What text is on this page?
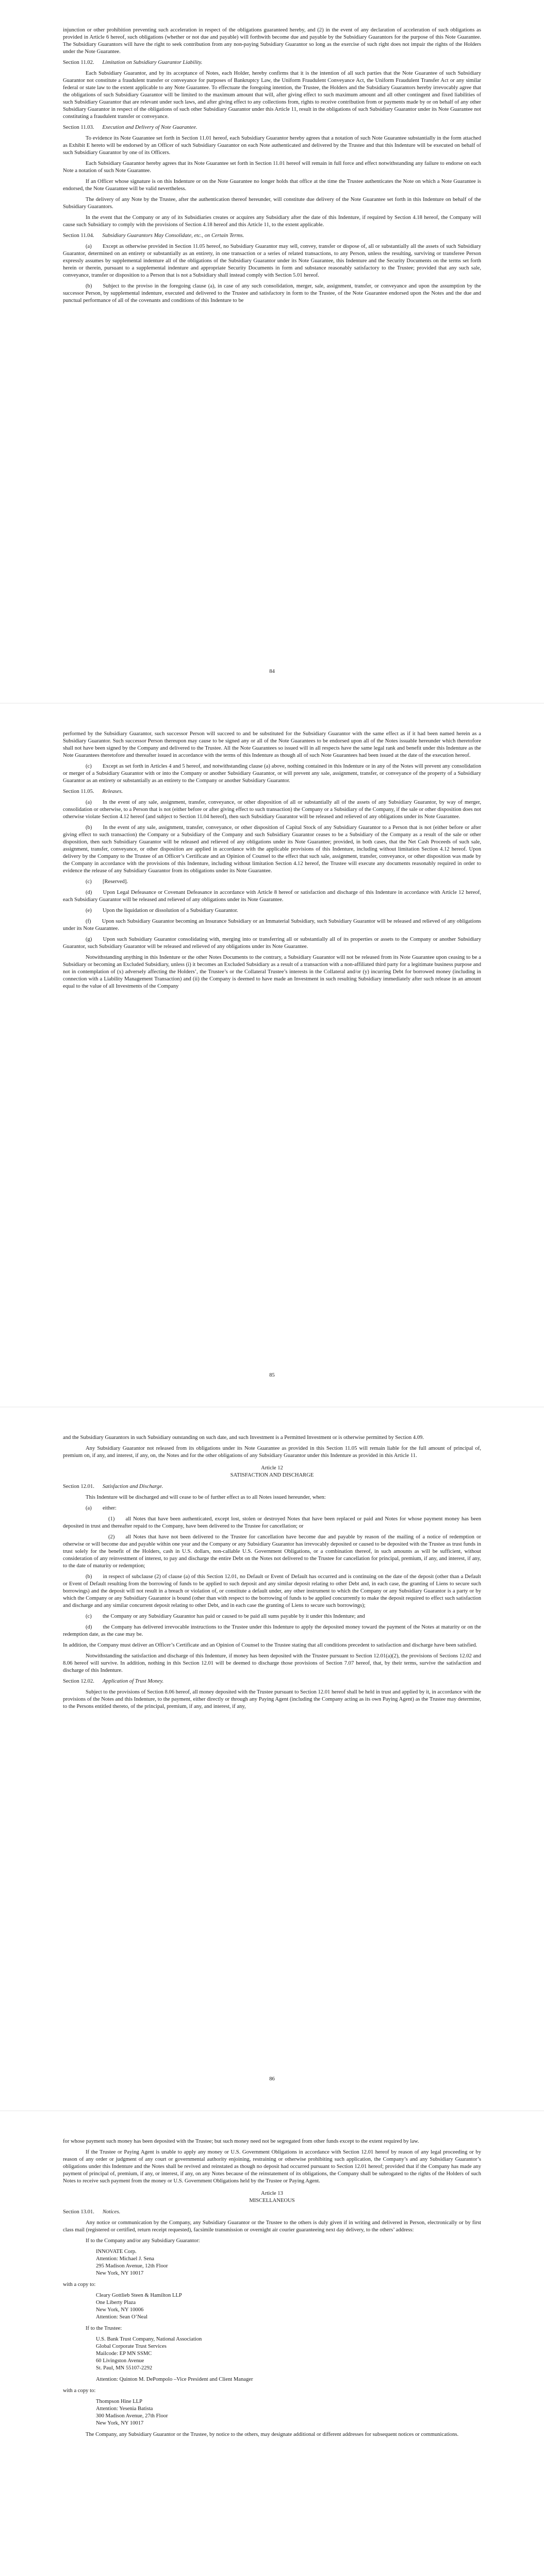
injunction or other prohibition preventing such acceleration in respect of the obligations guaranteed hereby, and (2) in the event of any declaration of acceleration of such obligations as provided in Article 6 hereof, such obligations (whether or not due and payable) will forthwith become due and payable by the Subsidiary Guarantors for the purpose of this Note Guarantee. The Subsidiary Guarantors will have the right to seek contribution from any non-paying Subsidiary Guarantor so long as the exercise of such right does not impair the rights of the Holders under the Note Guarantee.

Section 11.02.   Limitation on Subsidiary Guarantor Liability.

Each Subsidiary Guarantor, and by its acceptance of Notes, each Holder, hereby confirms that it is the intention of all such parties that the Note Guarantee of such Subsidiary Guarantor not constitute a fraudulent transfer or conveyance for purposes of Bankruptcy Law, the Uniform Fraudulent Conveyance Act, the Uniform Fraudulent Transfer Act or any similar federal or state law to the extent applicable to any Note Guarantee. To effectuate the foregoing intention, the Trustee, the Holders and the Subsidiary Guarantors hereby irrevocably agree that the obligations of such Subsidiary Guarantor will be limited to the maximum amount that will, after giving effect to such maximum amount and all other contingent and fixed liabilities of such Subsidiary Guarantor that are relevant under such laws, and after giving effect to any collections from, rights to receive contribution from or payments made by or on behalf of any other Subsidiary Guarantor in respect of the obligations of such other Subsidiary Guarantor under this Article 11, result in the obligations of such Subsidiary Guarantor under its Note Guarantee not constituting a fraudulent transfer or conveyance.

Section 11.03.   Execution and Delivery of Note Guarantee.

To evidence its Note Guarantee set forth in Section 11.01 hereof, each Subsidiary Guarantor hereby agrees that a notation of such Note Guarantee substantially in the form attached as Exhibit E hereto will be endorsed by an Officer of such Subsidiary Guarantor on each Note authenticated and delivered by the Trustee and that this Indenture will be executed on behalf of such Subsidiary Guarantor by one of its Officers.

Each Subsidiary Guarantor hereby agrees that its Note Guarantee set forth in Section 11.01 hereof will remain in full force and effect notwithstanding any failure to endorse on each Note a notation of such Note Guarantee.

If an Officer whose signature is on this Indenture or on the Note Guarantee no longer holds that office at the time the Trustee authenticates the Note on which a Note Guarantee is endorsed, the Note Guarantee will be valid nevertheless.

The delivery of any Note by the Trustee, after the authentication thereof hereunder, will constitute due delivery of the Note Guarantee set forth in this Indenture on behalf of the Subsidiary Guarantors.

In the event that the Company or any of its Subsidiaries creates or acquires any Subsidiary after the date of this Indenture, if required by Section 4.18 hereof, the Company will cause such Subsidiary to comply with the provisions of Section 4.18 hereof and this Article 11, to the extent applicable.

Section 11.04.   Subsidiary Guarantors May Consolidate, etc., on Certain Terms.

(a)  Except as otherwise provided in Section 11.05 hereof, no Subsidiary Guarantor may sell, convey, transfer or dispose of, all or substantially all the assets of such Subsidiary Guarantor, determined on an entirety or substantially as an entirety, in one transaction or a series of related transactions, to any Person, unless the resulting, surviving or transferee Person expressly assumes by supplemental indenture all of the obligations of the Subsidiary Guarantor under its Note Guarantee, this Indenture and the Security Documents on the terms set forth herein or therein, pursuant to a supplemental indenture and appropriate Security Documents in form and substance reasonably satisfactory to the Trustee; provided that any such sale, conveyance, transfer or disposition to a Person that is not a Subsidiary shall instead comply with Section 5.01 hereof.

(b)  Subject to the proviso in the foregoing clause (a), in case of any such consolidation, merger, sale, assignment, transfer, or conveyance and upon the assumption by the successor Person, by supplemental indenture, executed and delivered to the Trustee and satisfactory in form to the Trustee, of the Note Guarantee endorsed upon the Notes and the due and punctual performance of all of the covenants and conditions of this Indenture to be

84

performed by the Subsidiary Guarantor, such successor Person will succeed to and be substituted for the Subsidiary Guarantor with the same effect as if it had been named herein as a Subsidiary Guarantor. Such successor Person thereupon may cause to be signed any or all of the Note Guarantees to be endorsed upon all of the Notes issuable hereunder which theretofore shall not have been signed by the Company and delivered to the Trustee. All the Note Guarantees so issued will in all respects have the same legal rank and benefit under this Indenture as the Note Guarantees theretofore and thereafter issued in accordance with the terms of this Indenture as though all of such Note Guarantees had been issued at the date of the execution hereof.

(c)  Except as set forth in Articles 4 and 5 hereof, and notwithstanding clause (a) above, nothing contained in this Indenture or in any of the Notes will prevent any consolidation or merger of a Subsidiary Guarantor with or into the Company or another Subsidiary Guarantor, or will prevent any sale, assignment, transfer, or conveyance of the property of a Subsidiary Guarantor as an entirety or substantially as an entirety to the Company or another Subsidiary Guarantor.

Section 11.05.   Releases.

(a)  In the event of any sale, assignment, transfer, conveyance, or other disposition of all or substantially all of the assets of any Subsidiary Guarantor, by way of merger, consolidation or otherwise, to a Person that is not (either before or after giving effect to such transaction) the Company or a Subsidiary of the Company, if the sale or other disposition does not otherwise violate Section 4.12 hereof (and subject to Section 11.04 hereof), then such Subsidiary Guarantor will be released and relieved of any obligations under its Note Guarantee.

(b)  In the event of any sale, assignment, transfer, conveyance, or other disposition of Capital Stock of any Subsidiary Guarantor to a Person that is not (either before or after giving effect to such transaction) the Company or a Subsidiary of the Company and such Subsidiary Guarantor ceases to be a Subsidiary of the Company as a result of the sale or other disposition, then such Subsidiary Guarantor will be released and relieved of any obligations under its Note Guarantee; provided, in both cases, that the Net Cash Proceeds of such sale, assignment, transfer, conveyance, or other disposition are applied in accordance with the applicable provisions of this Indenture, including without limitation Section 4.12 hereof. Upon delivery by the Company to the Trustee of an Officer’s Certificate and an Opinion of Counsel to the effect that such sale, assignment, transfer, conveyance, or other disposition was made by the Company in accordance with the provisions of this Indenture, including without limitation Section 4.12 hereof, the Trustee will execute any documents reasonably required in order to evidence the release of any Subsidiary Guarantor from its obligations under its Note Guarantee.

(c)  [Reserved].

(d)  Upon Legal Defeasance or Covenant Defeasance in accordance with Article 8 hereof or satisfaction and discharge of this Indenture in accordance with Article 12 hereof, each Subsidiary Guarantor will be released and relieved of any obligations under its Note Guarantee.

(e)  Upon the liquidation or dissolution of a Subsidiary Guarantor.

(f)  Upon such Subsidiary Guarantor becoming an Insurance Subsidiary or an Immaterial Subsidiary, such Subsidiary Guarantor will be released and relieved of any obligations under its Note Guarantee.

(g)  Upon such Subsidiary Guarantor consolidating with, merging into or transferring all or substantially all of its properties or assets to the Company or another Subsidiary Guarantor, such Subsidiary Guarantor will be released and relieved of any obligations under its Note Guarantee.

Notwithstanding anything in this Indenture or the other Notes Documents to the contrary, a Subsidiary Guarantor will not be released from its Note Guarantee upon ceasing to be a Subsidiary or becoming an Excluded Subsidiary, unless (i) it becomes an Excluded Subsidiary as a result of a transaction with a non-affiliated third party for a legitimate business purpose and not in contemplation of (x) adversely affecting the Holders’, the Trustee’s or the Collateral Trustee’s interests in the Collateral and/or (y) incurring Debt for borrowed money (including in connection with a Liability Management Transaction) and (ii) the Company is deemed to have made an Investment in such resulting Subsidiary immediately after such release in an amount equal to the value of all Investments of the Company

85

and the Subsidiary Guarantors in such Subsidiary outstanding on such date, and such Investment is a Permitted Investment or is otherwise permitted by Section 4.09.

Any Subsidiary Guarantor not released from its obligations under its Note Guarantee as provided in this Section 11.05 will remain liable for the full amount of principal of, premium on, if any, and interest, if any, on, the Notes and for the other obligations of any Subsidiary Guarantor under this Indenture as provided in this Article 11.

Article 12
SATISFACTION AND DISCHARGE

Section 12.01.   Satisfaction and Discharge.

This Indenture will be discharged and will cease to be of further effect as to all Notes issued hereunder, when:

(a)  either:

(1)  all Notes that have been authenticated, except lost, stolen or destroyed Notes that have been replaced or paid and Notes for whose payment money has been deposited in trust and thereafter repaid to the Company, have been delivered to the Trustee for cancellation; or

(2)  all Notes that have not been delivered to the Trustee for cancellation have become due and payable by reason of the mailing of a notice of redemption or otherwise or will become due and payable within one year and the Company or any Subsidiary Guarantor has irrevocably deposited or caused to be deposited with the Trustee as trust funds in trust solely for the benefit of the Holders, cash in U.S. dollars, non-callable U.S. Government Obligations, or a combination thereof, in such amounts as will be sufficient, without consideration of any reinvestment of interest, to pay and discharge the entire Debt on the Notes not delivered to the Trustee for cancellation for principal, premium, if any, and interest, if any, to the date of maturity or redemption;

(b)  in respect of subclause (2) of clause (a) of this Section 12.01, no Default or Event of Default has occurred and is continuing on the date of the deposit (other than a Default or Event of Default resulting from the borrowing of funds to be applied to such deposit and any similar deposit relating to other Debt and, in each case, the granting of Liens to secure such borrowings) and the deposit will not result in a breach or violation of, or constitute a default under, any other instrument to which the Company or any Subsidiary Guarantor is a party or by which the Company or any Subsidiary Guarantor is bound (other than with respect to the borrowing of funds to be applied concurrently to make the deposit required to effect such satisfaction and discharge and any similar concurrent deposit relating to other Debt, and in each case the granting of Liens to secure such borrowings);

(c)  the Company or any Subsidiary Guarantor has paid or caused to be paid all sums payable by it under this Indenture; and

(d)  the Company has delivered irrevocable instructions to the Trustee under this Indenture to apply the deposited money toward the payment of the Notes at maturity or on the redemption date, as the case may be.

In addition, the Company must deliver an Officer’s Certificate and an Opinion of Counsel to the Trustee stating that all conditions precedent to satisfaction and discharge have been satisfied.

Notwithstanding the satisfaction and discharge of this Indenture, if money has been deposited with the Trustee pursuant to Section 12.01(a)(2), the provisions of Sections 12.02 and 8.06 hereof will survive. In addition, nothing in this Section 12.01 will be deemed to discharge those provisions of Section 7.07 hereof, that, by their terms, survive the satisfaction and discharge of this Indenture.

Section 12.02.   Application of Trust Money.

Subject to the provisions of Section 8.06 hereof, all money deposited with the Trustee pursuant to Section 12.01 hereof shall be held in trust and applied by it, in accordance with the provisions of the Notes and this Indenture, to the payment, either directly or through any Paying Agent (including the Company acting as its own Paying Agent) as the Trustee may determine, to the Persons entitled thereto, of the principal, premium, if any, and interest, if any,

86

for whose payment such money has been deposited with the Trustee; but such money need not be segregated from other funds except to the extent required by law.

If the Trustee or Paying Agent is unable to apply any money or U.S. Government Obligations in accordance with Section 12.01 hereof by reason of any legal proceeding or by reason of any order or judgment of any court or governmental authority enjoining, restraining or otherwise prohibiting such application, the Company’s and any Subsidiary Guarantor’s obligations under this Indenture and the Notes shall be revived and reinstated as though no deposit had occurred pursuant to Section 12.01 hereof; provided that if the Company has made any payment of principal of, premium, if any, or interest, if any, on any Notes because of the reinstatement of its obligations, the Company shall be subrogated to the rights of the Holders of such Notes to receive such payment from the money or U.S. Government Obligations held by the Trustee or Paying Agent.

Article 13
MISCELLANEOUS

Section 13.01.   Notices.

Any notice or communication by the Company, any Subsidiary Guarantor or the Trustee to the others is duly given if in writing and delivered in Person, electronically or by first class mail (registered or certified, return receipt requested), facsimile transmission or overnight air courier guaranteeing next day delivery, to the others’ address:

If to the Company and/or any Subsidiary Guarantor:

INNOVATE Corp.
Attention: Michael J. Sena
295 Madison Avenue, 12th Floor
New York, NY 10017

with a copy to:

Cleary Gottlieb Steen & Hamilton LLP
One Liberty Plaza
New York, NY 10006
Attention: Sean O’Neal

If to the Trustee:

U.S. Bank Trust Company, National Association
Global Corporate Trust Services
Mailcode: EP MN SSMC
60 Livingston Avenue
St. Paul, MN 55107-2292
Attention: Quinton M. DePompolo –Vice President and Client Manager

with a copy to:

Thompson Hine LLP
Attention: Yesenia Batista
300 Madison Avenue, 27th Floor
New York, NY 10017

The Company, any Subsidiary Guarantor or the Trustee, by notice to the others, may designate additional or different addresses for subsequent notices or communications.
